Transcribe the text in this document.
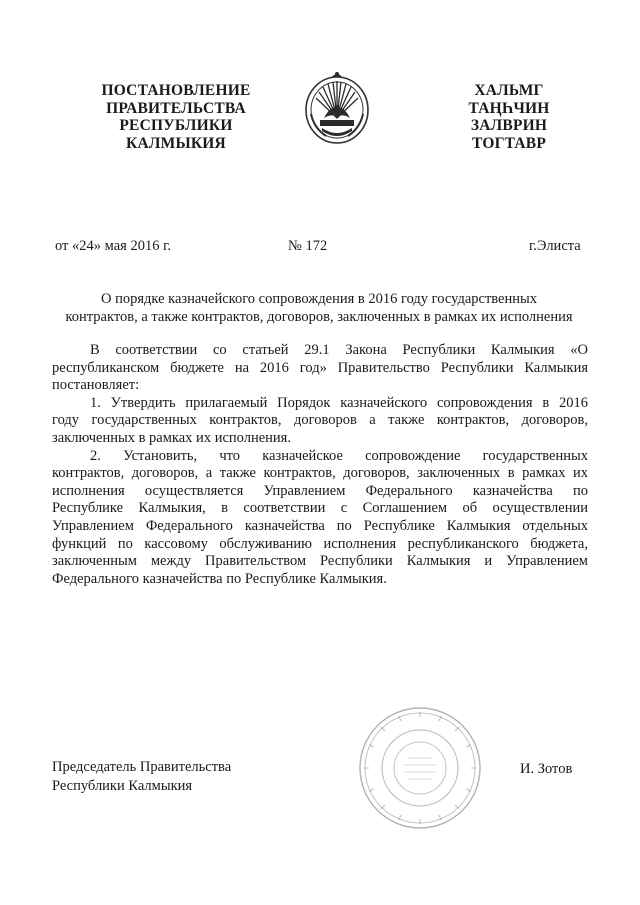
ПОСТАНОВЛЕНИЕ
ПРАВИТЕЛЬСТВА
РЕСПУБЛИКИ
КАЛМЫКИЯ
ХАЛЬМГ
ТАҢҺЧИН
ЗАЛВРИН
ТОГТАВР
от «24» мая 2016 г.	№ 172	г.Элиста
О порядке казначейского сопровождения в 2016 году государственных
контрактов, а также контрактов, договоров, заключенных в рамках их исполнения
В соответствии со статьей 29.1 Закона Республики Калмыкия «О
республиканском бюджете на 2016 год» Правительство Республики Калмыкия
постановляет:
1. Утвердить прилагаемый Порядок казначейского сопровождения в 2016
году государственных контрактов, договоров а также контрактов, договоров,
заключенных в рамках их исполнения.
2. Установить, что казначейское сопровождение государственных
контрактов, договоров, а также контрактов, договоров, заключенных в рамках их
исполнения осуществляется Управлением Федерального казначейства по
Республике Калмыкия, в соответствии с Соглашением об осуществлении
Управлением Федерального казначейства по Республике Калмыкия отдельных
функций по кассовому обслуживанию исполнения республиканского бюджета,
заключенным между Правительством Республики Калмыкия и Управлением
Федерального казначейства по Республике Калмыкия.
Председатель Правительства
Республики Калмыкия
И. Зотов
